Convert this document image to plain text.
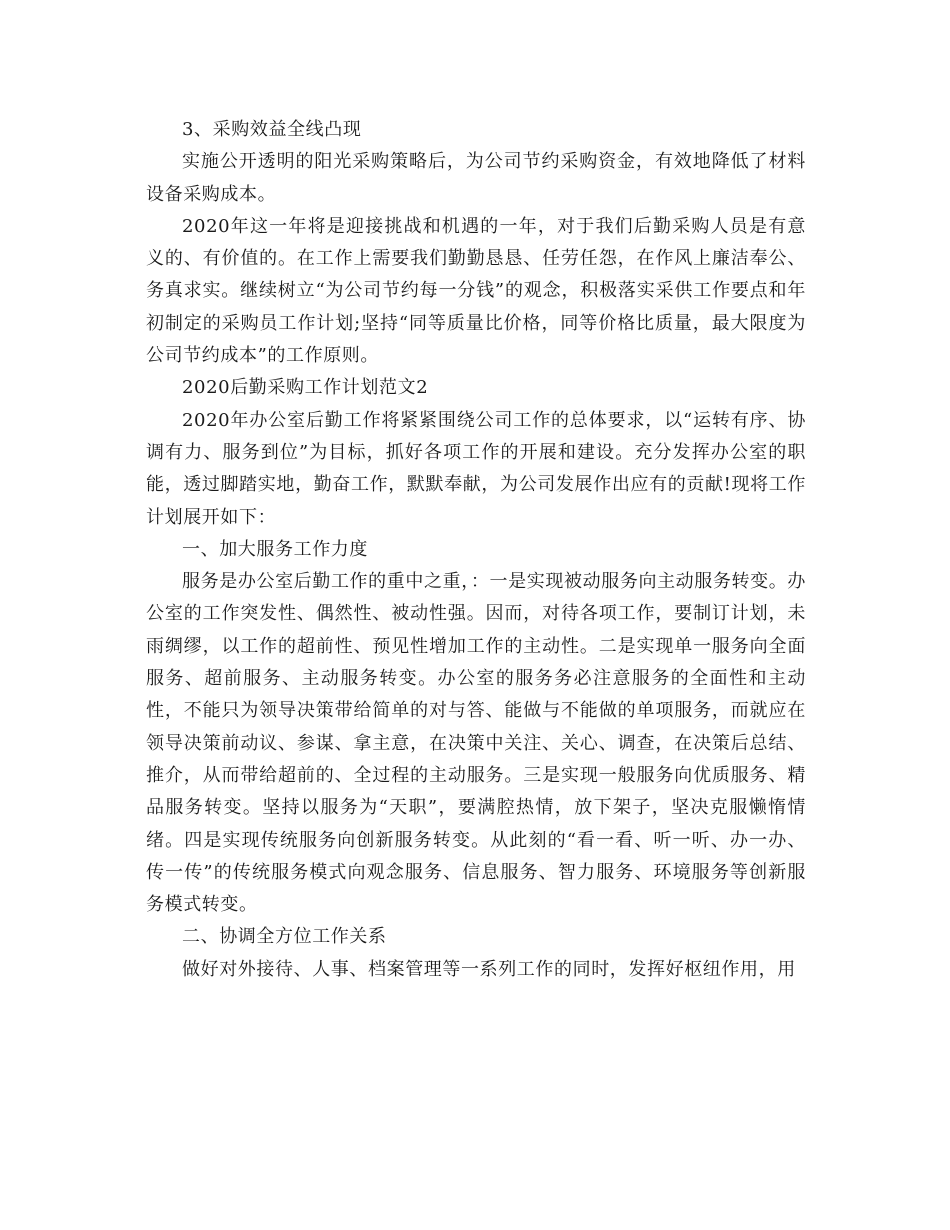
3、采购效益全线凸现

实施公开透明的阳光采购策略后，为公司节约采购资金，有效地降低了材料设备采购成本。

2020年这一年将是迎接挑战和机遇的一年，对于我们后勤采购人员是有意义的、有价值的。在工作上需要我们勤勤恳恳、任劳任怨，在作风上廉洁奉公、务真求实。继续树立“为公司节约每一分钱”的观念，积极落实采供工作要点和年初制定的采购员工作计划;坚持“同等质量比价格，同等价格比质量，最大限度为公司节约成本”的工作原则。

2020后勤采购工作计划范文2

2020年办公室后勤工作将紧紧围绕公司工作的总体要求，以“运转有序、协调有力、服务到位”为目标，抓好各项工作的开展和建设。充分发挥办公室的职能，透过脚踏实地，勤奋工作，默默奉献，为公司发展作出应有的贡献!现将工作计划展开如下：

一、加大服务工作力度

服务是办公室后勤工作的重中之重，：一是实现被动服务向主动服务转变。办公室的工作突发性、偶然性、被动性强。因而，对待各项工作，要制订计划，未雨绸缪，以工作的超前性、预见性增加工作的主动性。二是实现单一服务向全面服务、超前服务、主动服务转变。办公室的服务务必注意服务的全面性和主动性，不能只为领导决策带给简单的对与答、能做与不能做的单项服务，而就应在领导决策前动议、参谋、拿主意，在决策中关注、关心、调查，在决策后总结、推介，从而带给超前的、全过程的主动服务。三是实现一般服务向优质服务、精品服务转变。坚持以服务为“天职”，要满腔热情，放下架子，坚决克服懒惰情绪。四是实现传统服务向创新服务转变。从此刻的“看一看、听一听、办一办、传一传”的传统服务模式向观念服务、信息服务、智力服务、环境服务等创新服务模式转变。

二、协调全方位工作关系

做好对外接待、人事、档案管理等一系列工作的同时，发挥好枢纽作用，用
